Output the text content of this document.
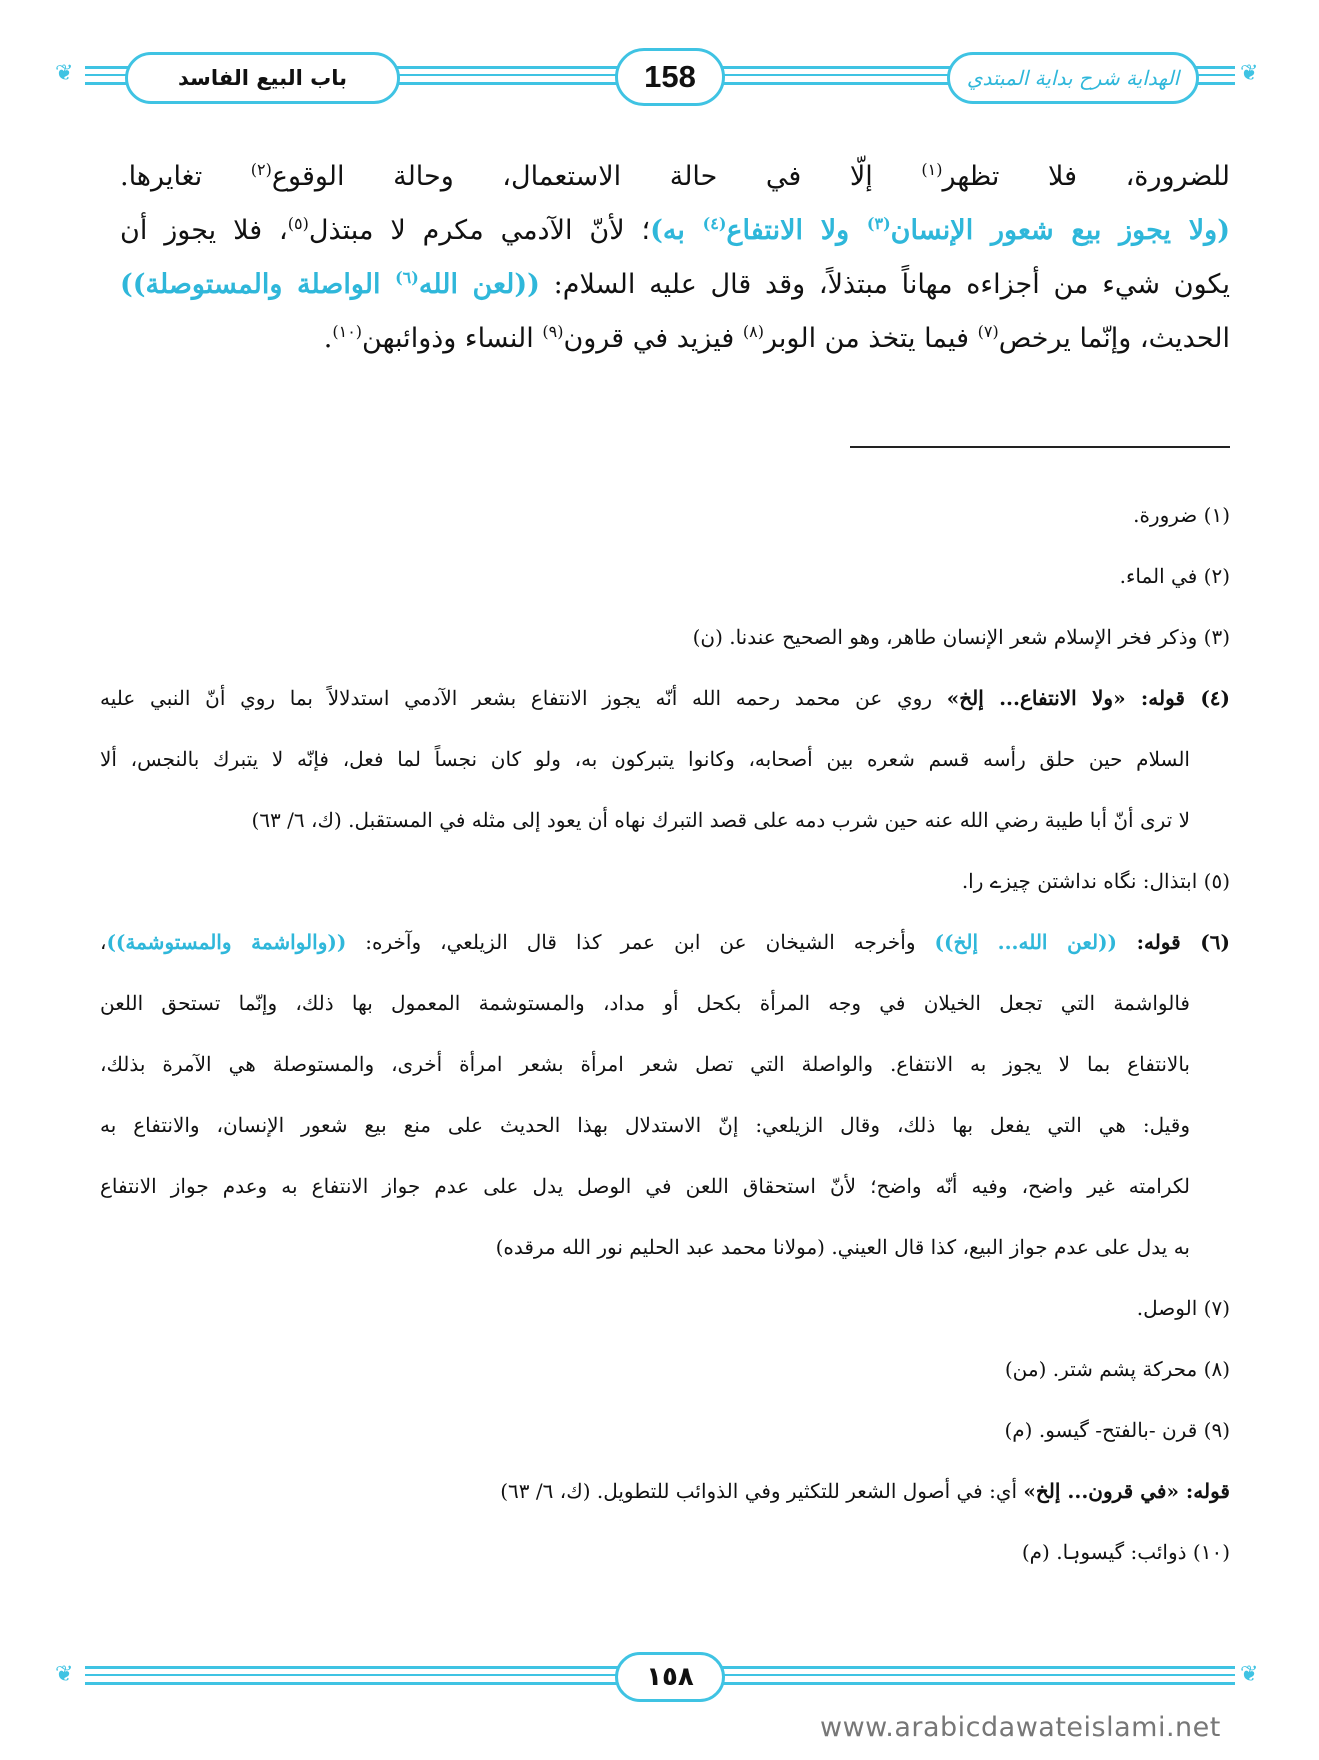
❦	❦
باب البيع الفاسد	158	الهداية شرح بداية المبتدي
للضرورة، فلا تظهر$^{(١)}$ إلّا في حالة الاستعمال، وحالة الوقوع$^{(٢)}$ تغايرها.
(ولا يجوز بيع شعور الإنسان$^{(٣)}$ ولا الانتفاع$^{(٤)}$ به)؛ لأنّ الآدمي مكرم لا مبتذل$^{(٥)}$، فلا يجوز أن
يكون شيء من أجزاءه مهاناً مبتذلاً، وقد قال عليه السلام: ((لعن الله$^{(٦)}$ الواصلة والمستوصلة))
الحديث، وإنّما يرخص$^{(٧)}$ فيما يتخذ من الوبر$^{(٨)}$ فيزيد في قرون$^{(٩)}$ النساء وذوائبهن$^{(١٠)}$.
(١) ضرورة.
(٢) في الماء.
(٣) وذكر فخر الإسلام شعر الإنسان طاهر، وهو الصحيح عندنا. (ن)
(٤) قوله: «ولا الانتفاع... إلخ» روي عن محمد رحمه الله أنّه يجوز الانتفاع بشعر الآدمي استدلالاً بما روي أنّ النبي عليه
السلام حين حلق رأسه قسم شعره بين أصحابه، وكانوا يتبركون به، ولو كان نجساً لما فعل، فإنّه لا يتبرك بالنجس، ألا
لا ترى أنّ أبا طيبة رضي الله عنه حين شرب دمه على قصد التبرك نهاه أن يعود إلى مثله في المستقبل. (ك، ٦/ ٦٣)
(٥) ابتذال: نگاه نداشتن چيزے را.
(٦) قوله: ((لعن الله... إلخ)) وأخرجه الشيخان عن ابن عمر كذا قال الزيلعي، وآخره: ((والواشمة والمستوشمة))،
فالواشمة التي تجعل الخيلان في وجه المرأة بكحل أو مداد، والمستوشمة المعمول بها ذلك، وإنّما تستحق اللعن
بالانتفاع بما لا يجوز به الانتفاع. والواصلة التي تصل شعر امرأة بشعر امرأة أخرى، والمستوصلة هي الآمرة بذلك،
وقيل: هي التي يفعل بها ذلك، وقال الزيلعي: إنّ الاستدلال بهذا الحديث على منع بيع شعور الإنسان، والانتفاع به
لكرامته غير واضح، وفيه أنّه واضح؛ لأنّ استحقاق اللعن في الوصل يدل على عدم جواز الانتفاع به وعدم جواز الانتفاع
به يدل على عدم جواز البيع، كذا قال العيني. (مولانا محمد عبد الحليم نور الله مرقده)
(٧) الوصل.
(٨) محركة پشم شتر. (من)
(٩) قرن -بالفتح- گيسو. (م)
قوله: «في قرون... إلخ» أي: في أصول الشعر للتكثير وفي الذوائب للتطويل. (ك، ٦/ ٦٣)
(١٠) ذوائب: گيسوہا. (م)
❦	❦
١٥٨
www.arabicdawateislami.net
